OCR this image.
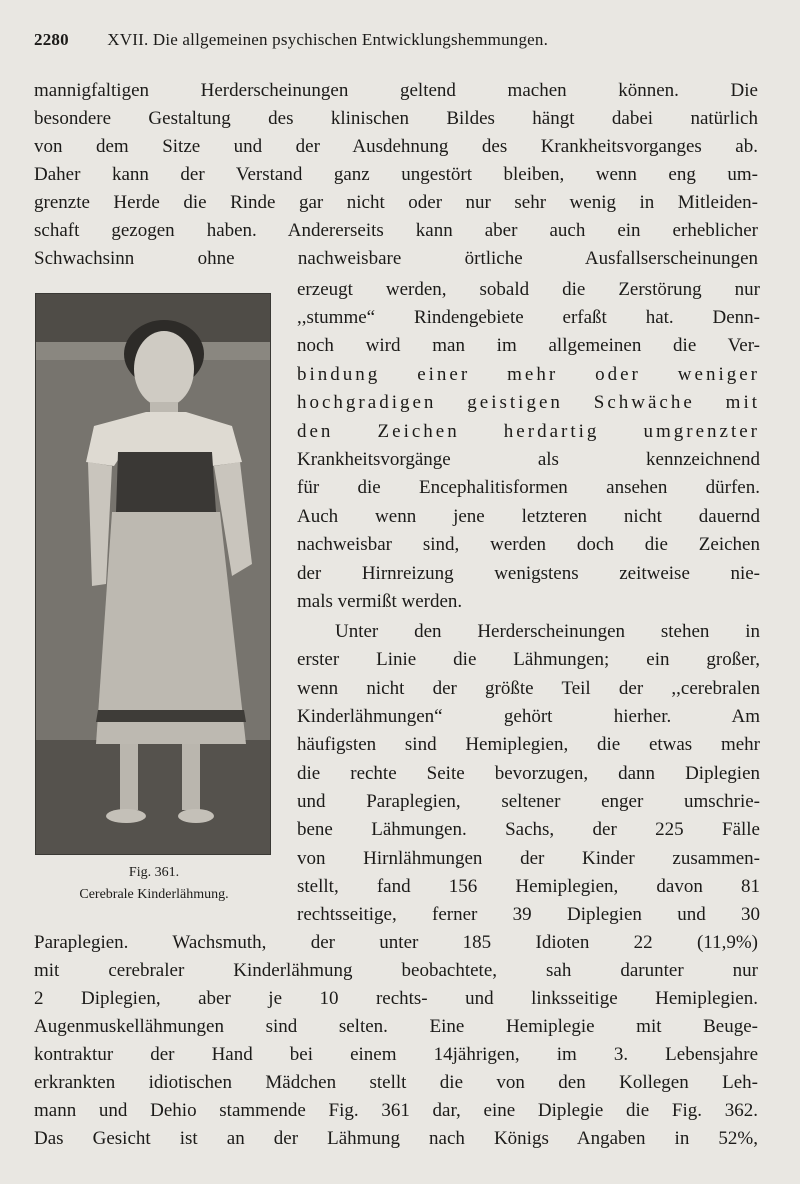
2280 XVII. Die allgemeinen psychischen Entwicklungshemmungen.
mannigfaltigen Herderscheinungen geltend machen können. Die
besondere Gestaltung des klinischen Bildes hängt dabei natürlich
von dem Sitze und der Ausdehnung des Krankheitsvorganges ab.
Daher kann der Verstand ganz ungestört bleiben, wenn eng um-
grenzte Herde die Rinde gar nicht oder nur sehr wenig in Mitleiden-
schaft gezogen haben. Andererseits kann aber auch ein erheblicher
Schwachsinn ohne nachweisbare örtliche Ausfallserscheinungen
erzeugt werden, sobald die Zerstörung nur
,,stumme“ Rindengebiete erfaßt hat. Denn-
noch wird man im allgemeinen die Ver-
bindung einer mehr oder weniger
hochgradigen geistigen Schwäche mit
den Zeichen herdartig umgrenzter
Krankheitsvorgänge als kennzeichnend
für die Encephalitisformen ansehen dürfen.
Auch wenn jene letzteren nicht dauernd
nachweisbar sind, werden doch die Zeichen
der Hirnreizung wenigstens zeitweise nie-
mals vermißt werden.
Unter den Herderscheinungen stehen in
erster Linie die Lähmungen; ein großer,
wenn nicht der größte Teil der ,,cerebralen
Kinderlähmungen“ gehört hierher. Am
häufigsten sind Hemiplegien, die etwas mehr
die rechte Seite bevorzugen, dann Diplegien
und Paraplegien, seltener enger umschrie-
bene Lähmungen. Sachs, der 225 Fälle
von Hirnlähmungen der Kinder zusammen-
stellt, fand 156 Hemiplegien, davon 81
rechtsseitige, ferner 39 Diplegien und 30
Paraplegien. Wachsmuth, der unter 185 Idioten 22 (11,9%)
mit cerebraler Kinderlähmung beobachtete, sah darunter nur
2 Diplegien, aber je 10 rechts- und linksseitige Hemiplegien.
Augenmuskellähmungen sind selten. Eine Hemiplegie mit Beuge-
kontraktur der Hand bei einem 14jährigen, im 3. Lebensjahre
erkrankten idiotischen Mädchen stellt die von den Kollegen Leh-
mann und Dehio stammende Fig. 361 dar, eine Diplegie die Fig. 362.
Das Gesicht ist an der Lähmung nach Königs Angaben in 52%,
Fig. 361.
Cerebrale Kinderlähmung.
